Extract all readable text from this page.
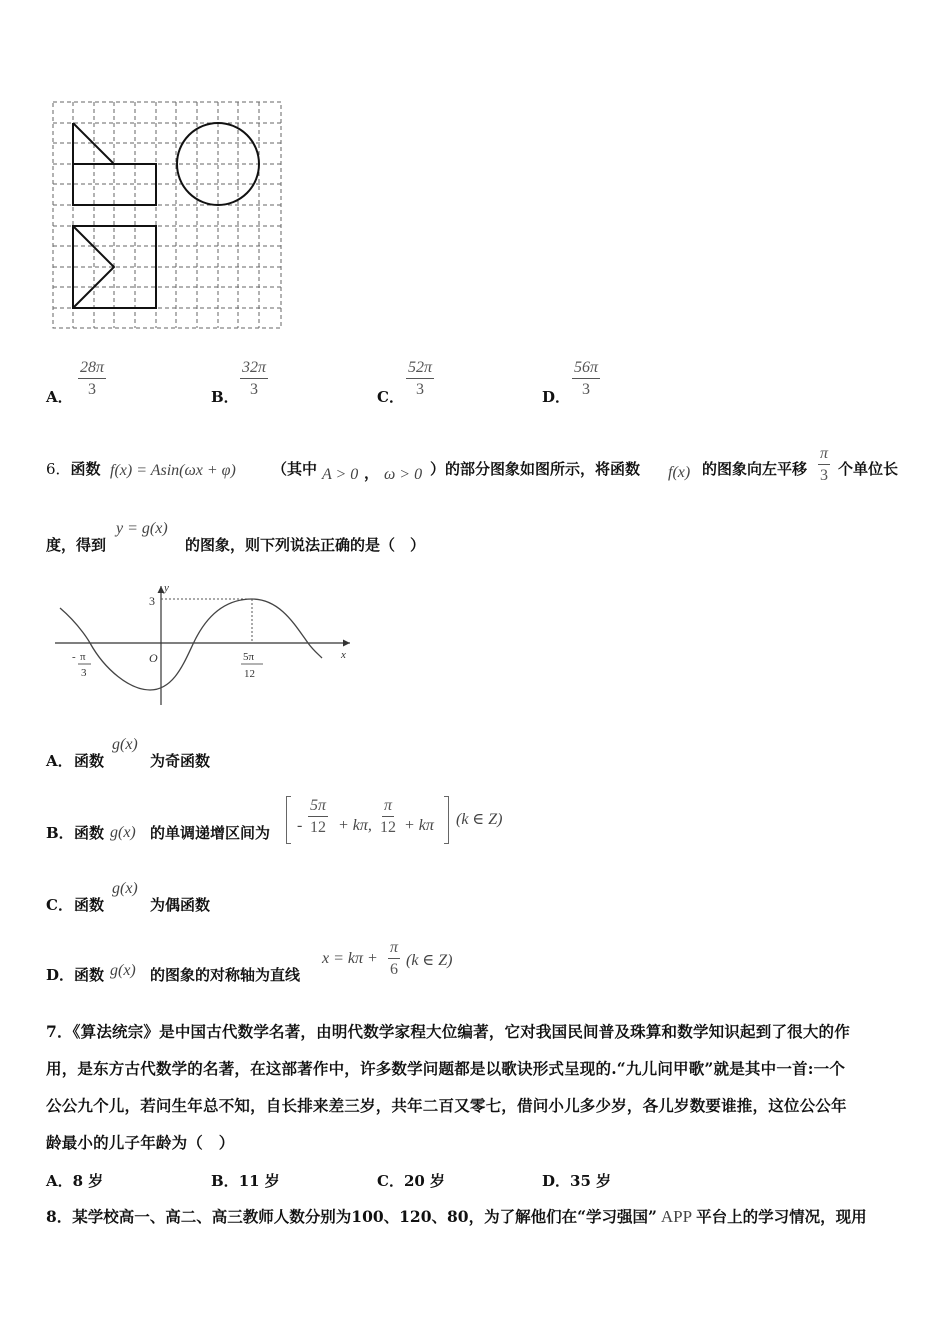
A． $\frac{28\pi}{3}$	B． $\frac{32\pi}{3}$	C． $\frac{52\pi}{3}$	D． $\frac{56\pi}{3}$
6．函数 f(x) = Asin(ωx + φ) （其中 A > 0 ， ω > 0 ）的部分图象如图所示，将函数 f(x) 的图象向左平移 $\frac{\pi}{3}$ 个单位长
度，得到
y = g(x)
的图象，则下列说法正确的是（　）
y
x
3
O
- π
3
5π
12
A． 函数
g(x)
为奇函数
B． 函数 g(x) 的单调递增区间为 - $\frac{5\pi}{12} + k\pi$, $\frac{\pi}{12} + k\pi$ (k ∈ Z)
C． 函数
g(x)
为偶函数
D． 函数 g(x) 的图象的对称轴为直线
$x = k\pi + \frac{\pi}{6} (k$ ∈ Z)
7．《算法统宗》是中国古代数学名著，由明代数学家程大位编著，它对我国民间普及珠算和数学知识起到了很大的作
用，是东方古代数学的名著，在这部著作中，许多数学问题都是以歌诀形式呈现的.“九儿问甲歌”就是其中一首:一个
公公九个儿，若问生年总不知，自长排来差三岁，共年二百又零七，借问小儿多少岁，各儿岁数要谁推，这位公公年
龄最小的儿子年龄为（　）
A．8 岁	B．11 岁	C．20 岁	D．35 岁
8．某学校高一、高二、高三教师人数分别为100、120、80，为了解他们在“学习强国” APP 平台上的学习情况，现用
